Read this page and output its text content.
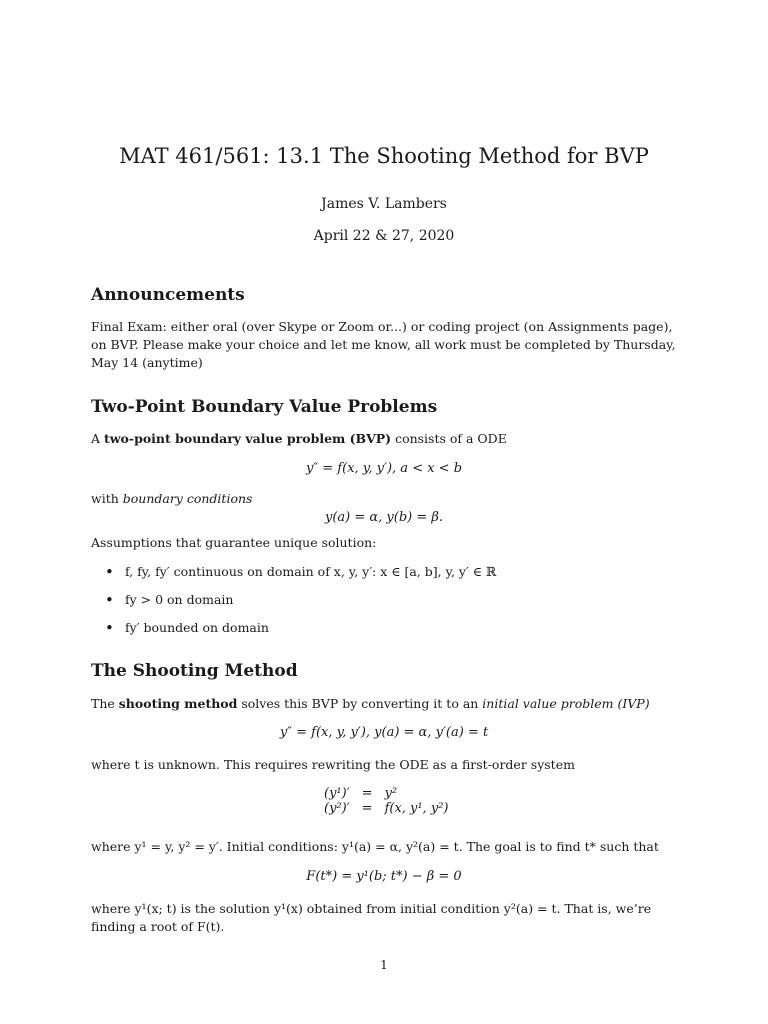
MAT 461/561: 13.1 The Shooting Method for BVP
James V. Lambers
April 22 & 27, 2020
Announcements

Final Exam: either oral (over Skype or Zoom or...) or coding project (on Assignments page), on BVP. Please make your choice and let me know, all work must be completed by Thursday, May 14 (anytime)

Two-Point Boundary Value Problems

A two-point boundary value problem (BVP) consists of a ODE

y″ = f(x, y, y′), a < x < b

with boundary conditions

y(a) = α, y(b) = β.

Assumptions that guarantee unique solution:

• f, fy, fy′ continuous on domain of x, y, y′: x ∈ [a, b], y, y′ ∈ ℝ
• fy > 0 on domain
• fy′ bounded on domain
The Shooting Method

The shooting method solves this BVP by converting it to an initial value problem (IVP)

y″ = f(x, y, y′), y(a) = α, y′(a) = t

where t is unknown. This requires rewriting the ODE as a first-order system

(y¹)′	=	y²
(y²)′	=	f(x, y¹, y²)

where y¹ = y, y² = y′. Initial conditions: y¹(a) = α, y²(a) = t. The goal is to find t* such that

F(t*) = y¹(b; t*) − β = 0

where y¹(x; t) is the solution y¹(x) obtained from initial condition y²(a) = t. That is, we’re finding a root of F(t).

1
